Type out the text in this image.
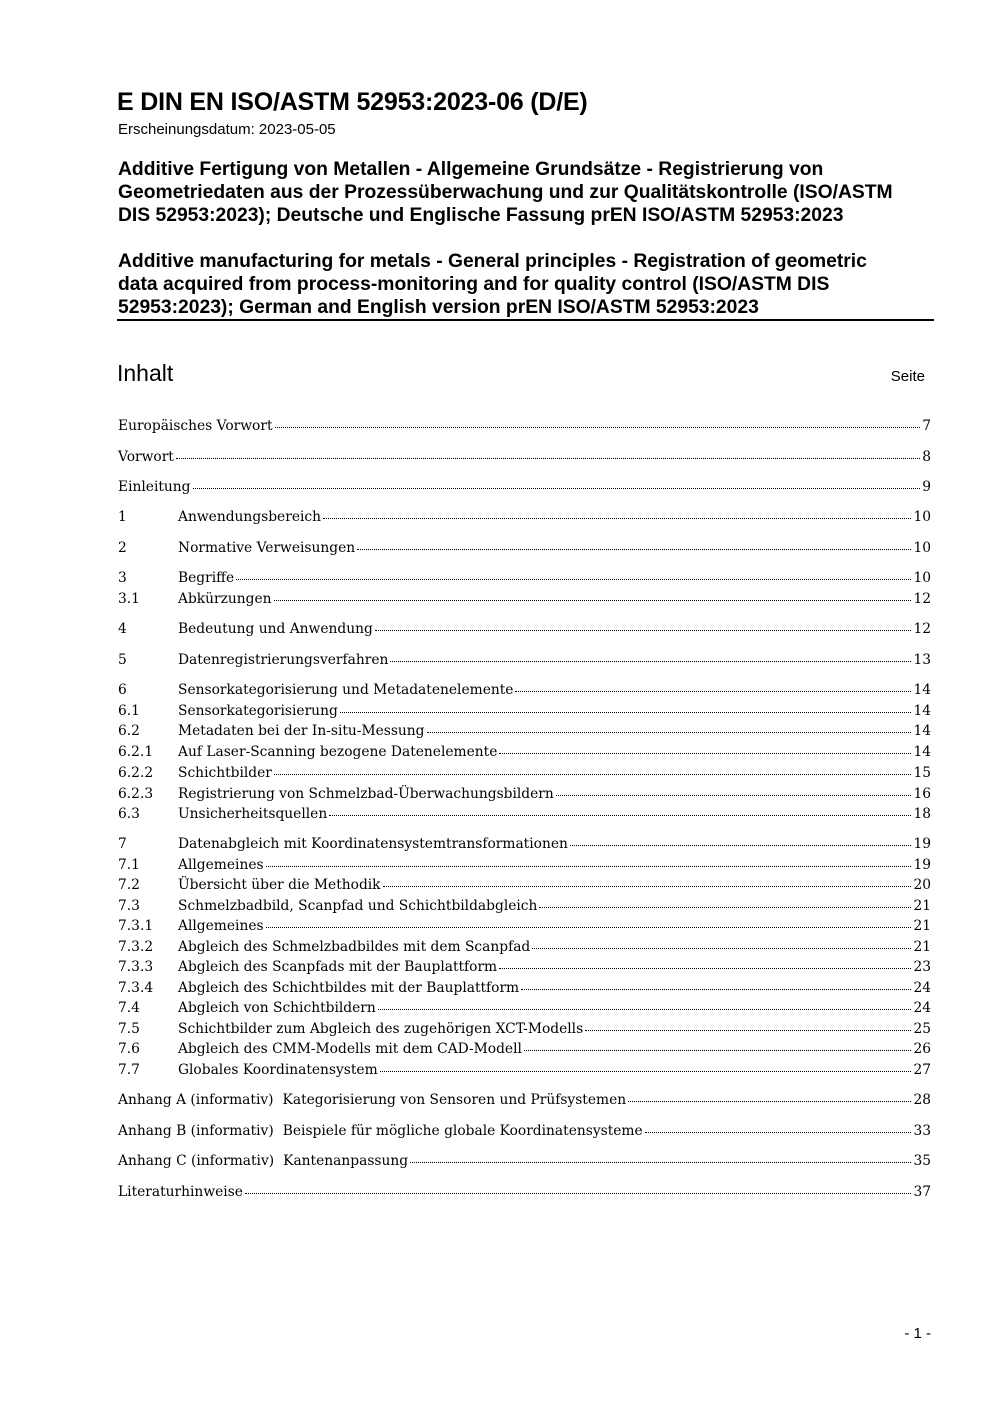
E DIN EN ISO/ASTM 52953:2023-06 (D/E)
Erscheinungsdatum: 2023-05-05
Additive Fertigung von Metallen - Allgemeine Grundsätze - Registrierung von
Geometriedaten aus der Prozessüberwachung und zur Qualitätskontrolle (ISO/ASTM
DIS 52953:2023); Deutsche und Englische Fassung prEN ISO/ASTM 52953:2023
Additive manufacturing for metals - General principles - Registration of geometric
data acquired from process-monitoring and for quality control (ISO/ASTM DIS
52953:2023); German and English version prEN ISO/ASTM 52953:2023
Inhalt	Seite
Europäisches Vorwort	7
Vorwort	8
Einleitung	9
1	Anwendungsbereich	10
2	Normative Verweisungen	10
3	Begriffe	10
3.1	Abkürzungen	12
4	Bedeutung und Anwendung	12
5	Datenregistrierungsverfahren	13
6	Sensorkategorisierung und Metadatenelemente	14
6.1	Sensorkategorisierung	14
6.2	Metadaten bei der In-situ-Messung	14
6.2.1	Auf Laser-Scanning bezogene Datenelemente	14
6.2.2	Schichtbilder	15
6.2.3	Registrierung von Schmelzbad-Überwachungsbildern	16
6.3	Unsicherheitsquellen	18
7	Datenabgleich mit Koordinatensystemtransformationen	19
7.1	Allgemeines	19
7.2	Übersicht über die Methodik	20
7.3	Schmelzbadbild, Scanpfad und Schichtbildabgleich	21
7.3.1	Allgemeines	21
7.3.2	Abgleich des Schmelzbadbildes mit dem Scanpfad	21
7.3.3	Abgleich des Scanpfads mit der Bauplattform	23
7.3.4	Abgleich des Schichtbildes mit der Bauplattform	24
7.4	Abgleich von Schichtbildern	24
7.5	Schichtbilder zum Abgleich des zugehörigen XCT-Modells	25
7.6	Abgleich des CMM-Modells mit dem CAD-Modell	26
7.7	Globales Koordinatensystem	27
Anhang A (informativ) Kategorisierung von Sensoren und Prüfsystemen	28
Anhang B (informativ) Beispiele für mögliche globale Koordinatensysteme	33
Anhang C (informativ) Kantenanpassung	35
Literaturhinweise	37
- 1 -
